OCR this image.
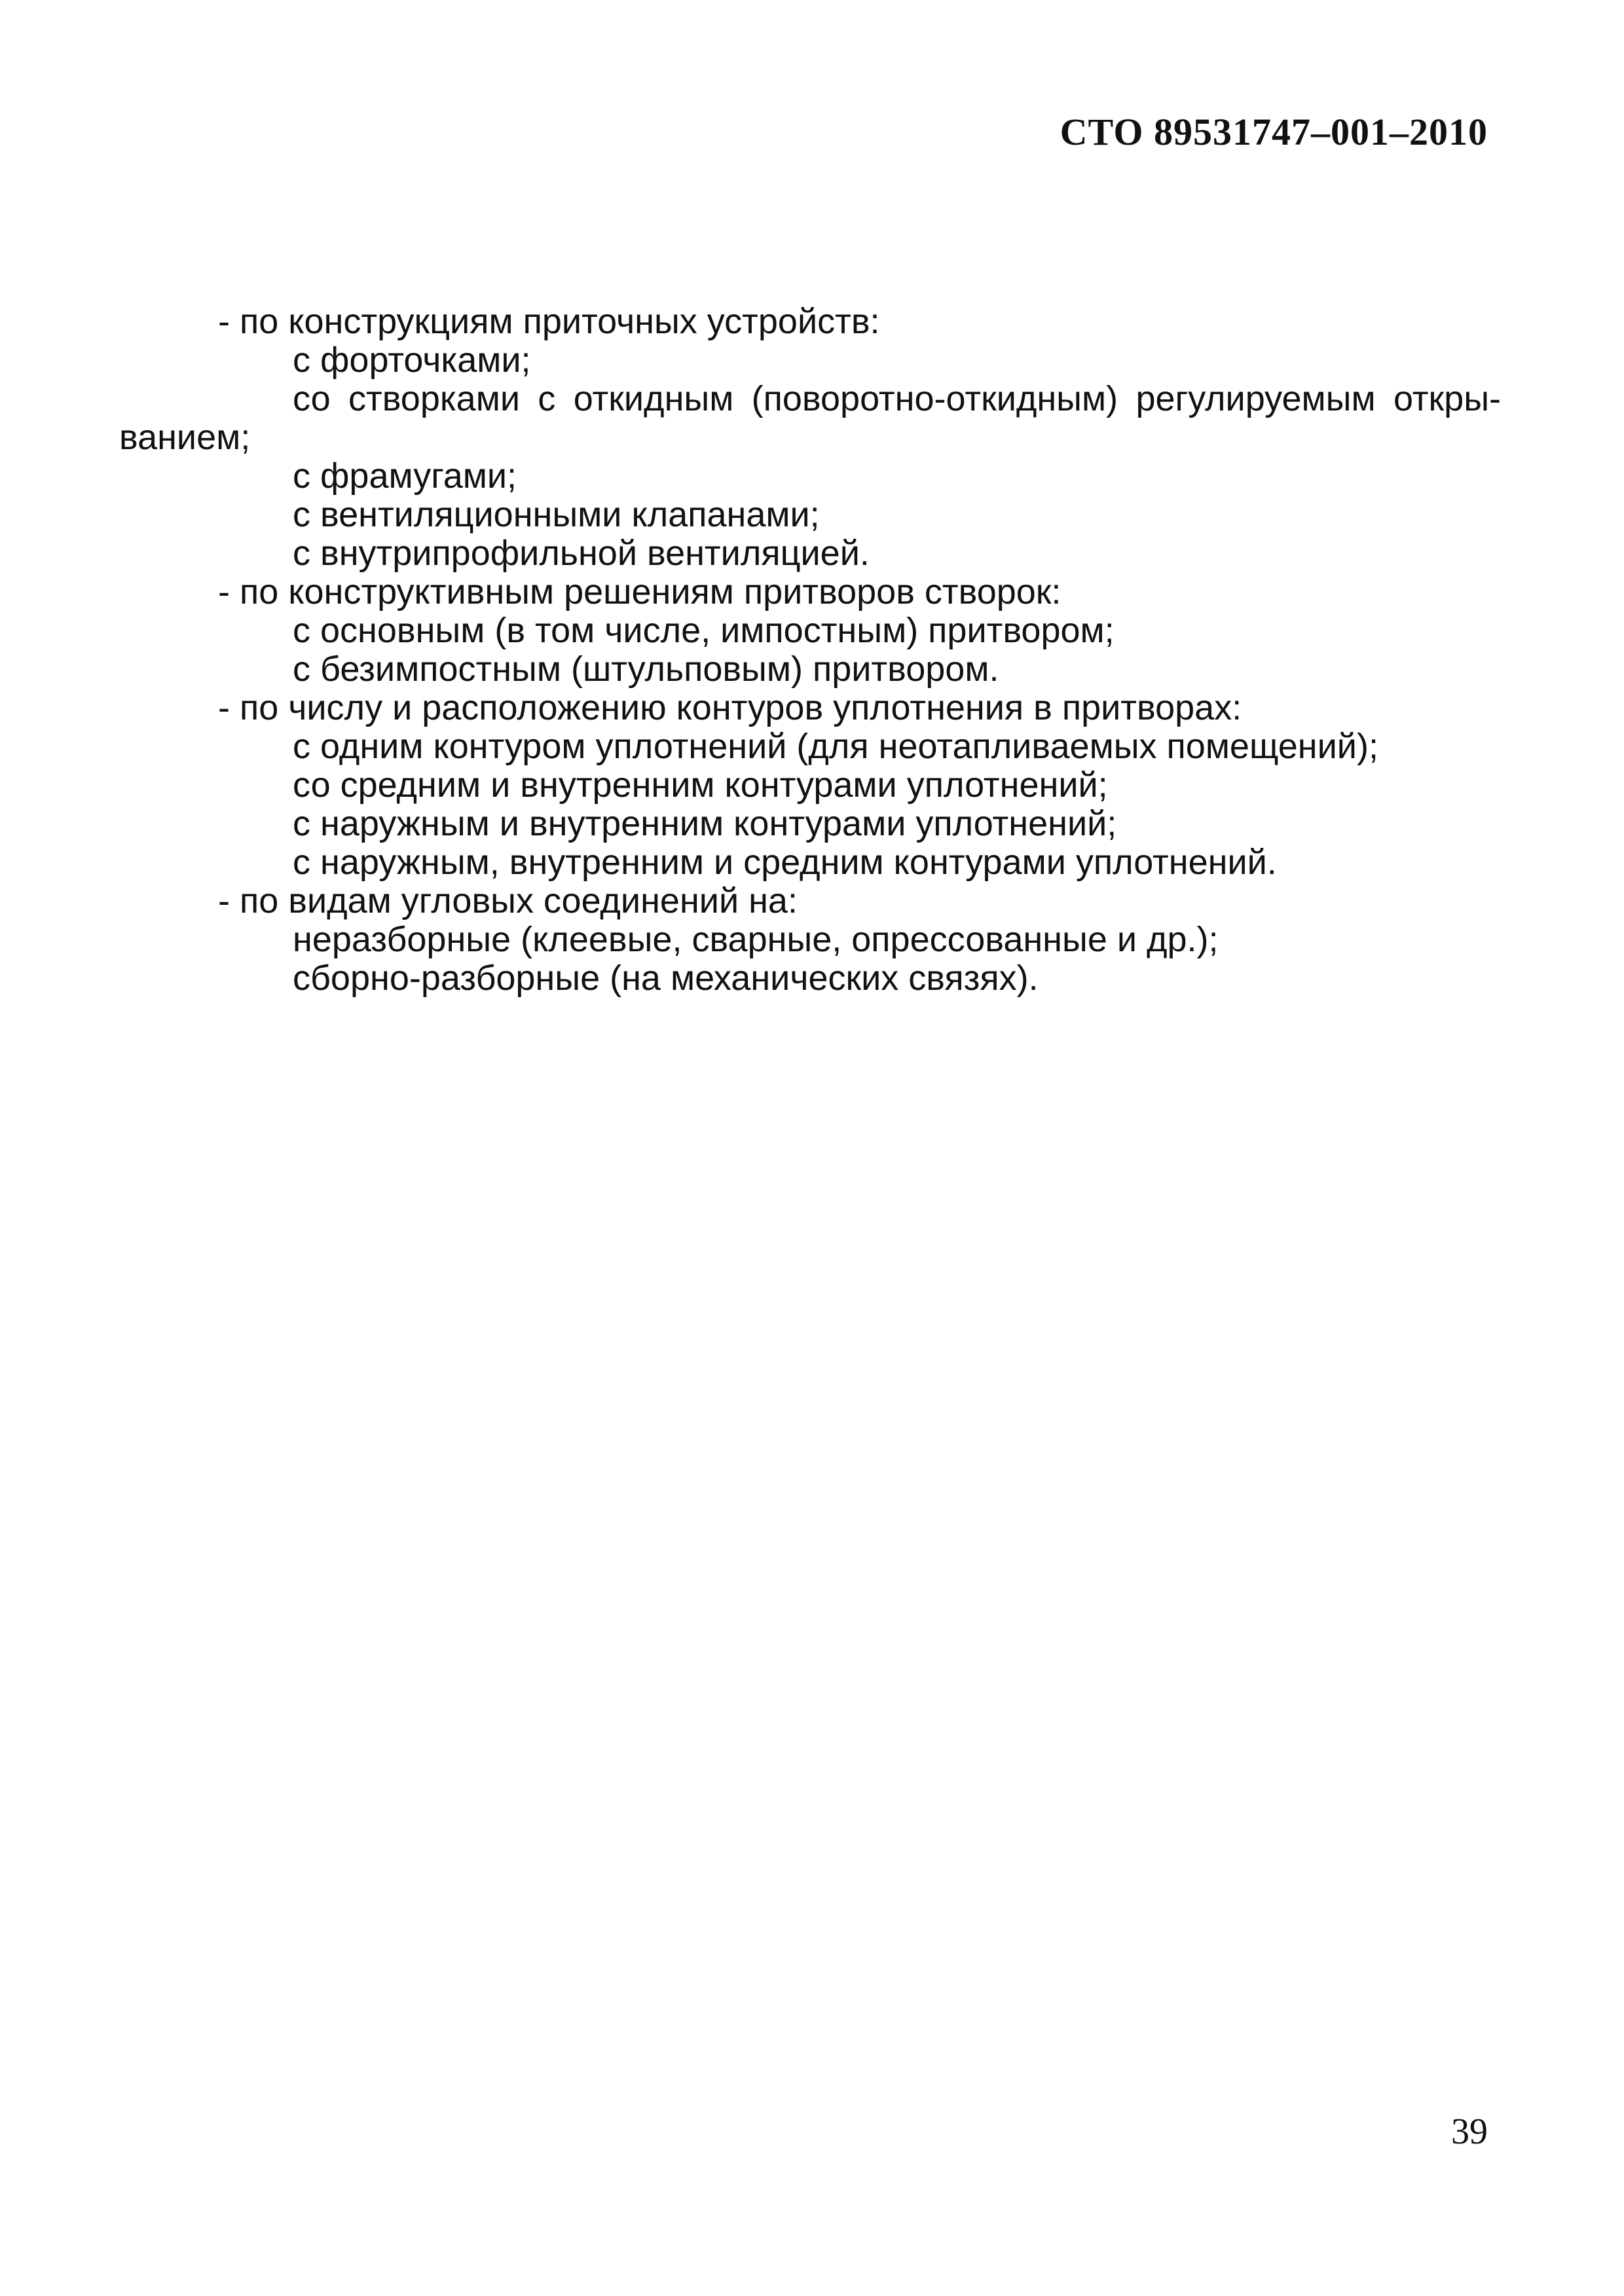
СТО 89531747–001–2010

- по конструкциям приточных устройств:

с форточками;

со створками с откидным (поворотно-откидным) регулируемым откры-

ванием;

с фрамугами;

с вентиляционными клапанами;

с внутрипрофильной вентиляцией.

- по конструктивным решениям притворов створок:

с основным (в том числе, импостным) притвором;

с безимпостным (штульповым) притвором.

- по числу и расположению контуров уплотнения в притворах:

с одним контуром уплотнений (для неотапливаемых помещений);

со средним и внутренним контурами уплотнений;

с наружным и внутренним контурами уплотнений;

с наружным, внутренним и средним контурами уплотнений.

- по видам угловых соединений на:

неразборные (клеевые, сварные, опрессованные и др.);

сборно-разборные (на механических связях).

39
